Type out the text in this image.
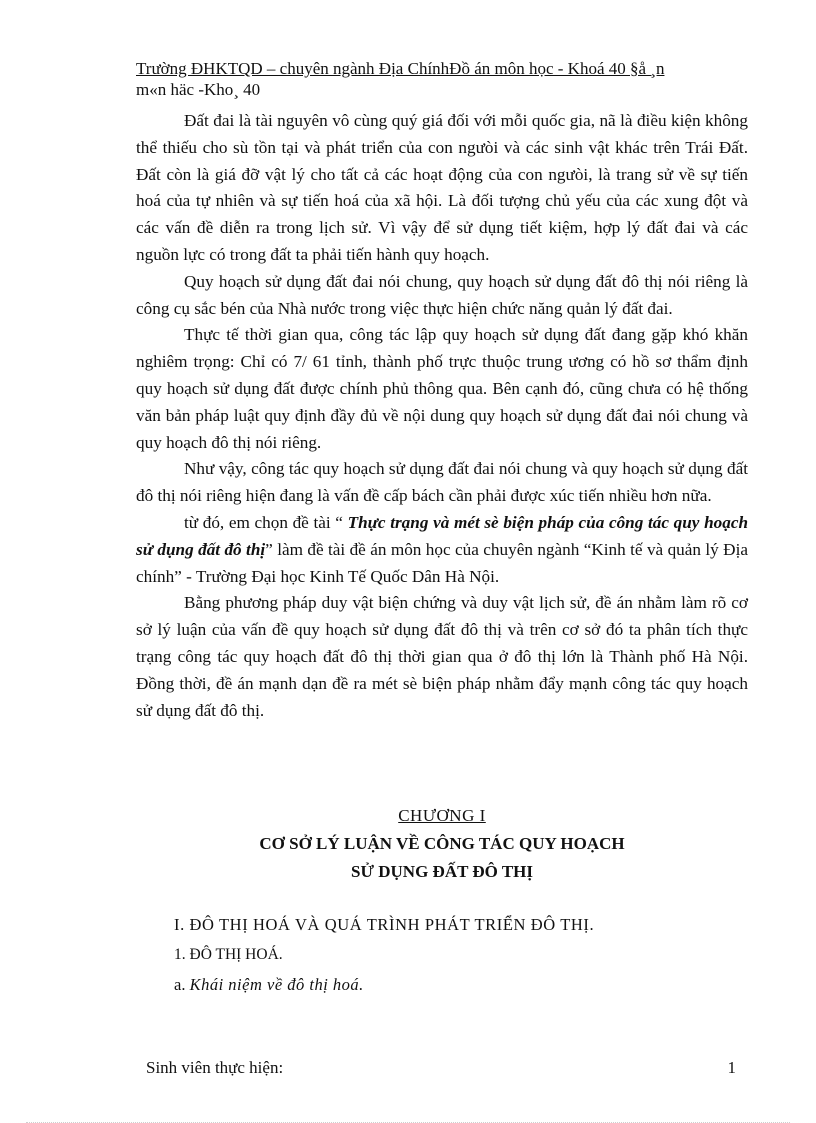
Trường ĐHKTQD – chuyên ngành Địa ChínhĐồ án môn học - Khoá 40 §å ¸n
m«n häc -Kho¸ 40

Đất đai là tài nguyên vô cùng quý giá đối với mỗi quốc gia, nã là điều kiện không thể thiếu cho sù tồn tại và phát triển của con ngưòi và các sinh vật khác trên Trái Đất. Đất còn là giá đỡ vật lý cho tất cả các hoạt động của con ngưòi, là trang sử về sự tiến hoá của tự nhiên và sự tiến hoá của xã hội. Là đối tượng chủ yếu của các xung đột và các vấn đề diễn ra trong lịch sử. Vì vậy để sử dụng tiết kiệm, hợp lý đất đai và các nguồn lực có trong đất ta phải tiến hành quy hoạch.

Quy hoạch sử dụng đất đai nói chung, quy hoạch sử dụng đất đô thị nói riêng là công cụ sắc bén của Nhà nước trong việc thực hiện chức năng quản lý đất đai.

Thực tế thời gian qua, công tác lập quy hoạch sử dụng đất đang gặp khó khăn nghiêm trọng: Chỉ có 7/ 61 tỉnh, thành phố trực thuộc trung ương có hồ sơ thẩm định quy hoạch sử dụng đất được chính phủ thông qua. Bên cạnh đó, cũng chưa có hệ thống văn bản pháp luật quy định đầy đủ về nội dung quy hoạch sử dụng đất đai nói chung và quy hoạch đô thị nói riêng.

Như vậy, công tác quy hoạch sử dụng đất đai nói chung và quy hoạch sử dụng đất đô thị nói riêng hiện đang là vấn đề cấp bách cần phải được xúc tiến nhiều hơn nữa.

từ đó, em chọn đề tài “ Thực trạng và mét sè biện pháp của công tác quy hoạch sử dụng đất đô thị” làm đề tài đề án môn học của chuyên ngành “Kinh tế và quản lý Địa chính” - Trường Đại học Kinh Tế Quốc Dân Hà Nội.

Bằng phương pháp duy vật biện chứng và duy vật lịch sử, đề án nhằm làm rõ cơ sở lý luận của vấn đề quy hoạch sử dụng đất đô thị và trên cơ sở đó ta phân tích thực trạng công tác quy hoạch đất đô thị thời gian qua ở đô thị lớn là Thành phố Hà Nội. Đồng thời, đề án mạnh dạn đề ra mét sè biện pháp nhằm đẩy mạnh công tác quy hoạch sử dụng đất đô thị.

CHƯƠNG I
CƠ SỞ LÝ LUẬN VỀ CÔNG TÁC QUY HOẠCH
SỬ DỤNG ĐẤT ĐÔ THỊ
I. ĐÔ THỊ HOÁ VÀ QUÁ TRÌNH PHÁT TRIỂN ĐÔ THỊ.
1. ĐÔ THỊ HOÁ.
a. Khái niệm về đô thị hoá.
Sinh viên thực hiện:	1
